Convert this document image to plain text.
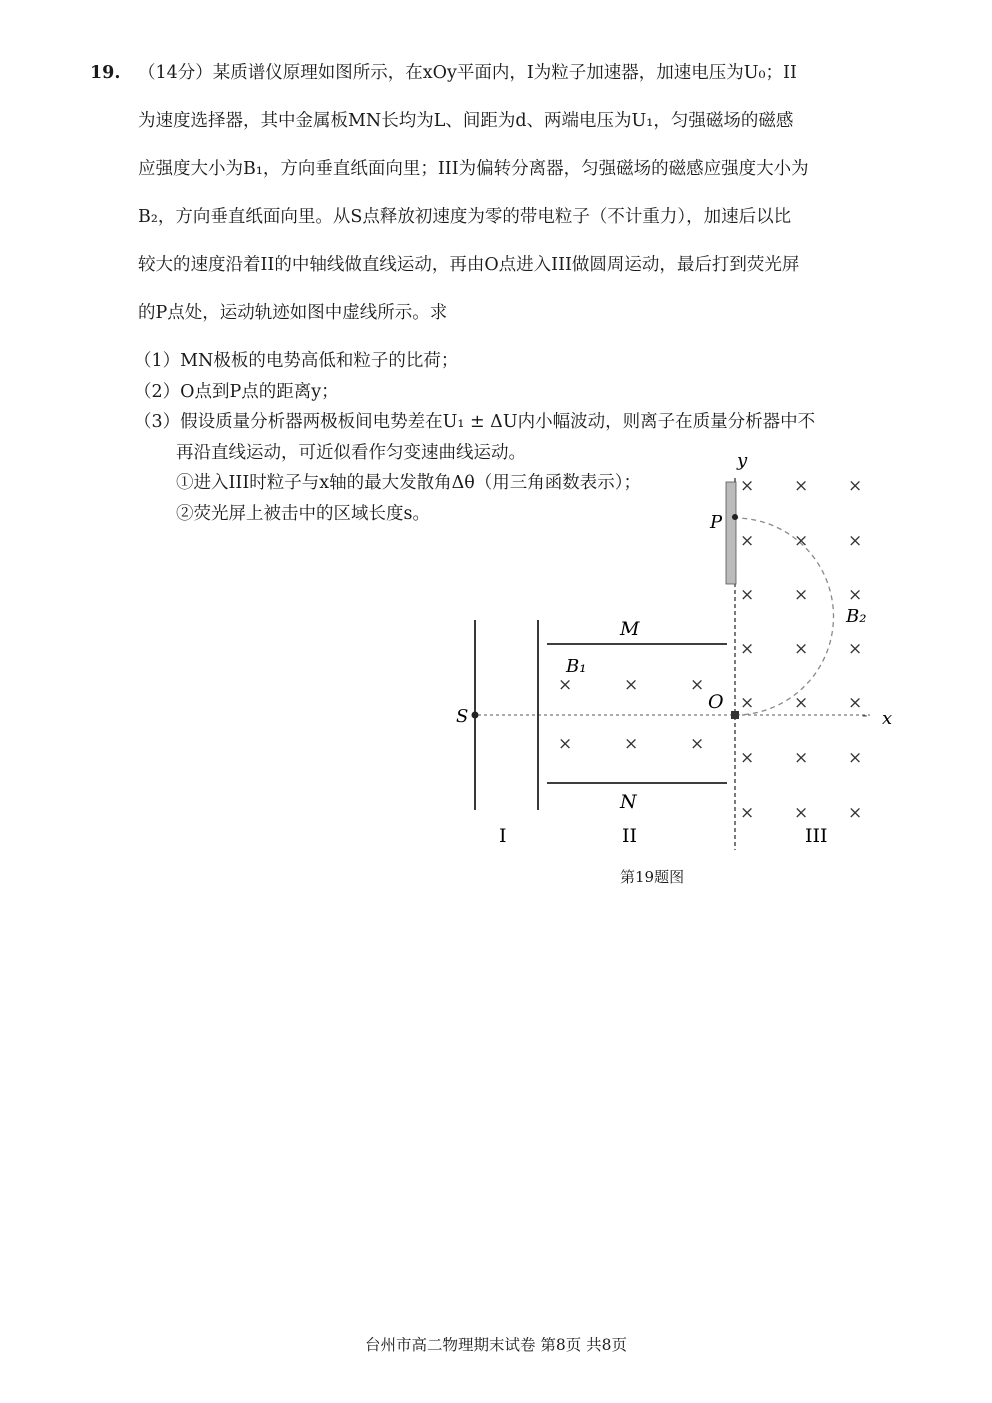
19.	（14分）某质谱仪原理如图所示，在xOy平面内，I为粒子加速器，加速电压为U₀；II

为速度选择器，其中金属板MN长均为L、间距为d、两端电压为U₁，匀强磁场的磁感

应强度大小为B₁，方向垂直纸面向里；III为偏转分离器，匀强磁场的磁感应强度大小为

B₂，方向垂直纸面向里。从S点释放初速度为零的带电粒子（不计重力），加速后以比

较大的速度沿着II的中轴线做直线运动，再由O点进入III做圆周运动，最后打到荧光屏

的P点处，运动轨迹如图中虚线所示。求

（1）MN极板的电势高低和粒子的比荷；

（2）O点到P点的距离y；

（3）假设质量分析器两极板间电势差在U₁ ± ΔU内小幅波动，则离子在质量分析器中不

再沿直线运动，可近似看作匀变速曲线运动。

①进入III时粒子与x轴的最大发散角Δθ（用三角函数表示）；

②荧光屏上被击中的区域长度s。

y
x
-
O
P
S
M
N
B₁
B₂
I	II	III
×	×	×
×	×	×
× × ×
× × ×
× × ×
× × ×
× × ×
× × ×
× × ×
第19题图
台州市高二物理期末试卷 第8页 共8页
